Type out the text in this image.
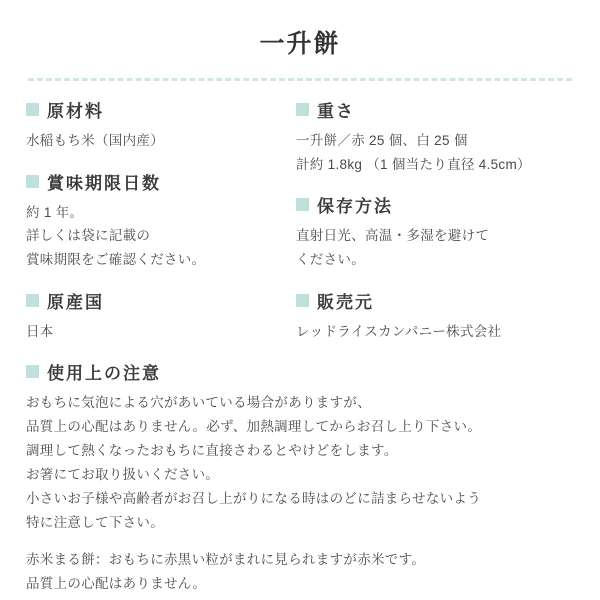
一升餅
原材料
水稲もち米（国内産）
賞味期限日数
約 1 年。
詳しくは袋に記載の
賞味期限をご確認ください。
原産国
日本
重さ
一升餅／赤 25 個、白 25 個
計約 1.8kg （1 個当たり直径 4.5cm）
保存方法
直射日光、高温・多湿を避けて
ください。
販売元
レッドライスカンパニー株式会社
使用上の注意
おもちに気泡による穴があいている場合がありますが、
品質上の心配はありません。必ず、加熱調理してからお召し上り下さい。
調理して熱くなったおもちに直接さわるとやけどをします。
お箸にてお取り扱いください。
小さいお子様や高齢者がお召し上がりになる時はのどに詰まらせないよう
特に注意して下さい。
赤米まる餅：おもちに赤黒い粒がまれに見られますが赤米です。
品質上の心配はありません。
